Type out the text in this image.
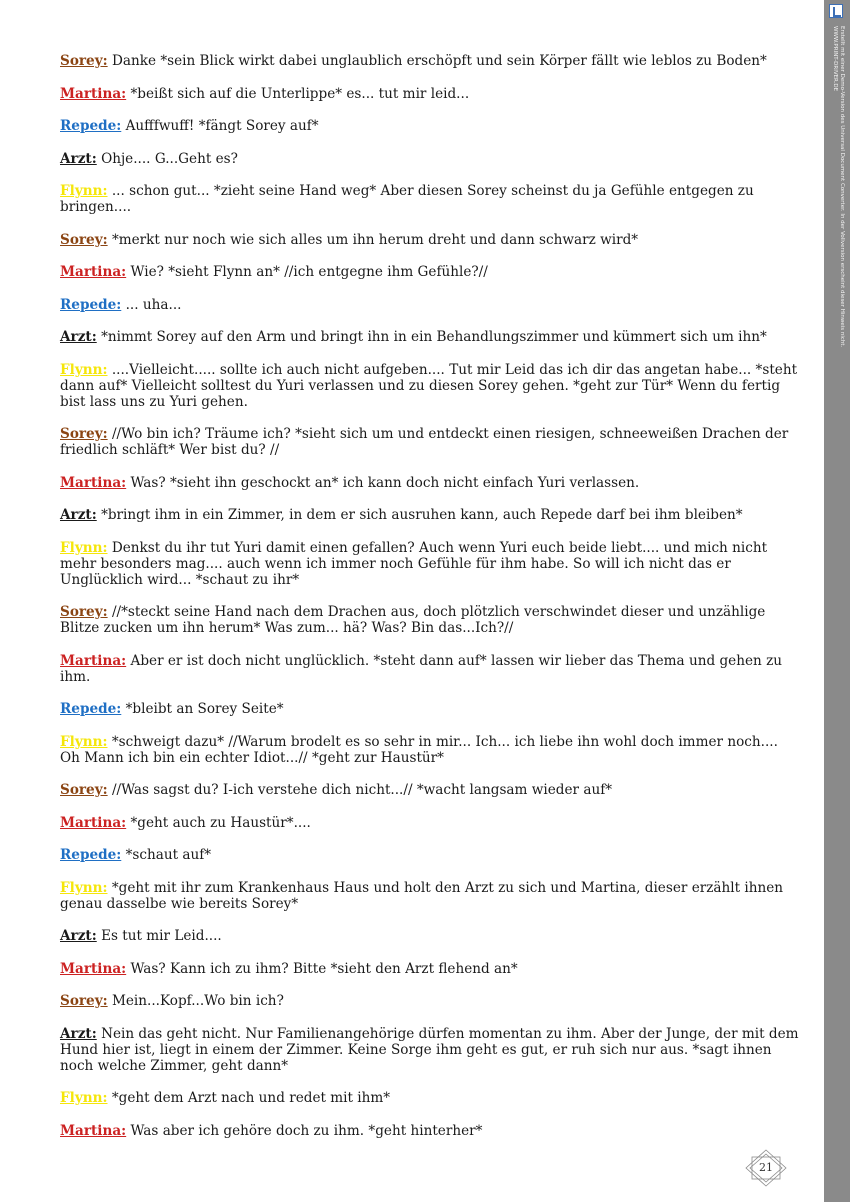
Sorey: Danke *sein Blick wirkt dabei unglaublich erschöpft und sein Körper fällt wie leblos zu Boden*
Martina: *beißt sich auf die Unterlippe* es... tut mir leid...
Repede: Aufffwuff! *fängt Sorey auf*
Arzt: Ohje.... G...Geht es?
Flynn: ... schon gut... *zieht seine Hand weg* Aber diesen Sorey scheinst du ja Gefühle entgegen zu bringen....
Sorey: *merkt nur noch wie sich alles um ihn herum dreht und dann schwarz wird*
Martina: Wie? *sieht Flynn an* //ich entgegne ihm Gefühle?//
Repede: ... uha...
Arzt: *nimmt Sorey auf den Arm und bringt ihn in ein Behandlungszimmer und kümmert sich um ihn*
Flynn: ....Vielleicht..... sollte ich auch nicht aufgeben.... Tut mir Leid das ich dir das angetan habe... *steht dann auf* Vielleicht solltest du Yuri verlassen und zu diesen Sorey gehen. *geht zur Tür* Wenn du fertig bist lass uns zu Yuri gehen.
Sorey: //Wo bin ich? Träume ich? *sieht sich um und entdeckt einen riesigen, schneeweißen Drachen der friedlich schläft* Wer bist du? //
Martina: Was? *sieht ihn geschockt an* ich kann doch nicht einfach Yuri verlassen.
Arzt: *bringt ihm in ein Zimmer, in dem er sich ausruhen kann, auch Repede darf bei ihm bleiben*
Flynn: Denkst du ihr tut Yuri damit einen gefallen? Auch wenn Yuri euch beide liebt.... und mich nicht mehr besonders mag.... auch wenn ich immer noch Gefühle für ihm habe. So will ich nicht das er Unglücklich wird... *schaut zu ihr*
Sorey: //*steckt seine Hand nach dem Drachen aus, doch plötzlich verschwindet dieser und unzählige Blitze zucken um ihn herum* Was zum... hä? Was? Bin das...Ich?//
Martina: Aber er ist doch nicht unglücklich. *steht dann auf* lassen wir lieber das Thema und gehen zu ihm.
Repede: *bleibt an Sorey Seite*
Flynn: *schweigt dazu* //Warum brodelt es so sehr in mir... Ich... ich liebe ihn wohl doch immer noch.... Oh Mann ich bin ein echter Idiot...// *geht zur Haustür*
Sorey: //Was sagst du? I-ich verstehe dich nicht...// *wacht langsam wieder auf*
Martina: *geht auch zu Haustür*....
Repede: *schaut auf*
Flynn: *geht mit ihr zum Krankenhaus Haus und holt den Arzt zu sich und Martina, dieser erzählt ihnen genau dasselbe wie bereits Sorey*
Arzt: Es tut mir Leid....
Martina: Was? Kann ich zu ihm? Bitte *sieht den Arzt flehend an*
Sorey: Mein...Kopf...Wo bin ich?
Arzt: Nein das geht nicht. Nur Familienangehörige dürfen momentan zu ihm. Aber der Junge, der mit dem Hund hier ist, liegt in einem der Zimmer. Keine Sorge ihm geht es gut, er ruh sich nur aus. *sagt ihnen noch welche Zimmer, geht dann*
Flynn: *geht dem Arzt nach und redet mit ihm*
Martina: Was aber ich gehöre doch zu ihm. *geht hinterher*
21
Erstellt mit einer Demo-Version des Universal Document Converter. In der Vollversion erscheint dieser Hinweis nicht.
WWW.PRINT-DRIVER.DE
